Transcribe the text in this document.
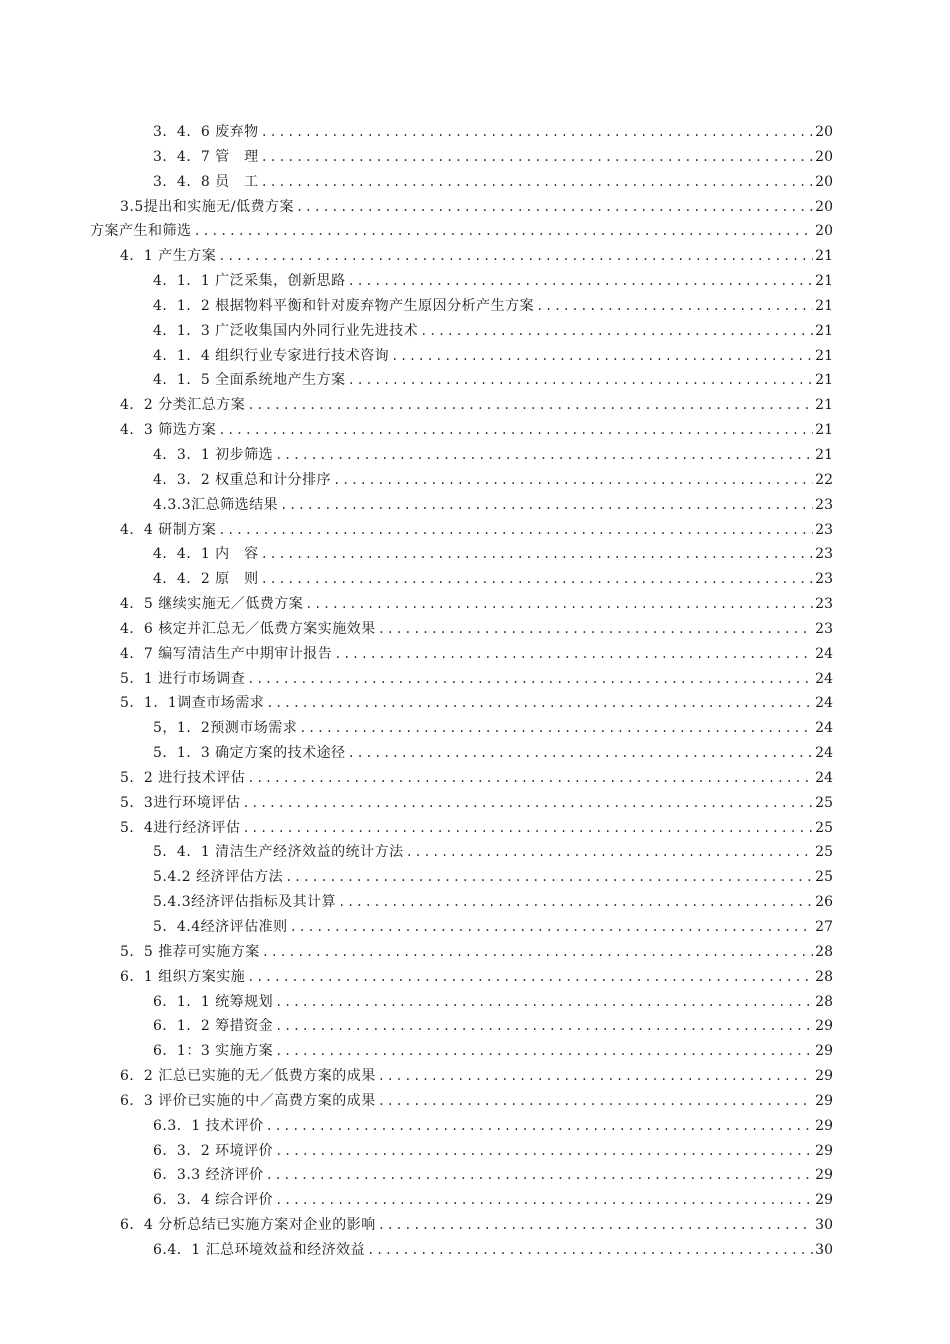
3．4．6 废弃物 .....	20
3．4．7 管　理 .....	20
3．4．8 员　工 .....	20
3.5提出和实施无/低费方案 .....	20
方案产生和筛选 .....	20
4．1 产生方案 .....	21
4．1．1 广泛采集，创新思路 .....	21
4．1．2 根据物料平衡和针对废弃物产生原因分析产生方案 .....	21
4．1．3 广泛收集国内外同行业先进技术 .....	21
4．1．4 组织行业专家进行技术咨询 .....	21
4．1．5 全面系统地产生方案 .....	21
4．2 分类汇总方案 .....	21
4．3 筛选方案 .....	21
4．3．1 初步筛选 .....	21
4．3．2 权重总和计分排序 .....	22
4.3.3汇总筛选结果 .....	23
4．4 研制方案 .....	23
4．4．1 内　容 .....	23
4．4．2 原　则 .....	23
4．5 继续实施无／低费方案 .....	23
4．6 核定并汇总无／低费方案实施效果 .....	23
4．7 编写清洁生产中期审计报告 .....	24
5．1 进行市场调查 .....	24
5．1．1调查市场需求 .....	24
5，1．2预测市场需求 .....	24
5．1．3 确定方案的技术途径 .....	24
5．2 进行技术评估 .....	24
5．3进行环境评估 .....	25
5．4进行经济评估 .....	25
5．4．1 清洁生产经济效益的统计方法 .....	25
5.4.2 经济评估方法 .....	25
5.4.3经济评估指标及其计算 .....	26
5．4.4经济评估准则 .....	27
5．5 推荐可实施方案 .....	28
6．1 组织方案实施 .....	28
6．1．1 统筹规划 .....	28
6．1．2 筹措资金 .....	29
6．1：3 实施方案 .....	29
6．2 汇总已实施的无／低费方案的成果 .....	29
6．3 评价已实施的中／高费方案的成果 .....	29
6.3．1 技术评价 .....	29
6．3．2 环境评价 .....	29
6．3.3 经济评价 .....	29
6．3．4 综合评价 .....	29
6．4 分析总结已实施方案对企业的影响 .....	30
6.4．1 汇总环境效益和经济效益 .....	30
